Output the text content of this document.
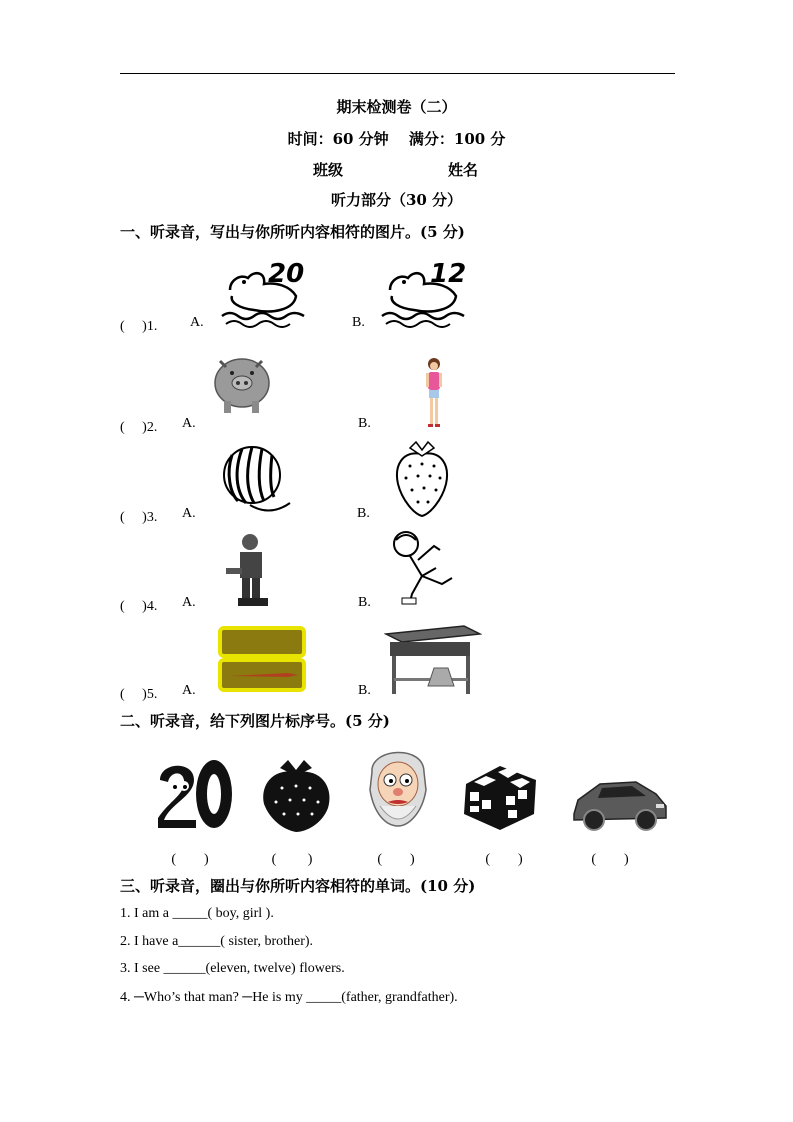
期末检测卷（二）
时间：60 分钟　 满分：100 分
班级	姓名
听力部分（30 分）
一、听录音，写出与你所听内容相符的图片。(5 分)
(　 )1. A.	B.
20	12
(　 )2. A.	B.
(　 )3. A.	B.
(　 )4. A.	B.
(　 )5. A.	B.
二、听录音，给下列图片标序号。(5 分)
(　　)	(　　 )	(　　)	(　　)	(　　)
三、听录音，圈出与你所听内容相符的单词。(10 分)
1. I am a _____( boy, girl ).
2. I have a______( sister, brother).
3. I see ______(eleven, twelve) flowers.
4. ─Who’s that man? ─He is my _____(father, grandfather).
